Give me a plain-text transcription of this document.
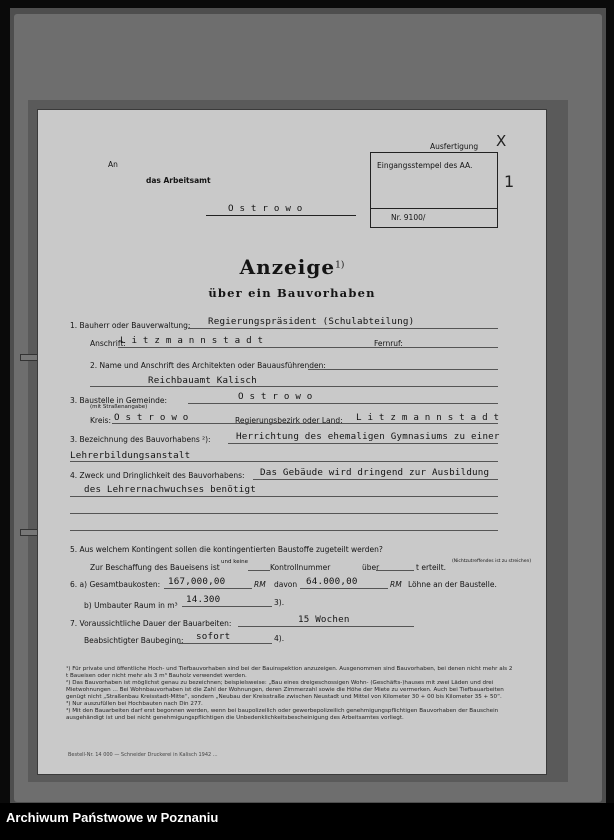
Ausfertigung X
1
An
das Arbeitsamt
O s t r o w o
Eingangsstempel des AA.
Nr. 9100/
Anzeige$^{1)}$
über ein Bauvorhaben
1. Bauherr oder Bauverwaltung: Regierungspräsident (Schulabteilung)
Anschrift:
L i t z m a n n s t a d t	Fernruf:
2. Name und Anschrift des Architekten oder Bauausführenden:
Reichbauamt Kalisch
3. Baustelle in Gemeinde:
(mit Straßenangabe)
O s t r o w o
Kreis: O s t r o w o	Regierungsbezirk oder Land: L i t z m a n n s t a d t
3. Bezeichnung des Bauvorhabens ²):	Herrichtung des ehemaligen Gymnasiums zu einer
Lehrerbildungsanstalt
4. Zweck und Dringlichkeit des Bauvorhabens: Das Gebäude wird dringend zur Ausbildung
des Lehrernachwuchses benötigt
5. Aus welchem Kontingent sollen die kontingentierten Baustoffe zugeteilt werden?
Zur Beschaffung des Baueisens ist
und keine
Kontrollnummer	über	t erteilt.
(Nichtzutreffendes ist zu streichen)
6. a) Gesamtbaukosten: 167,000,00	RM davon 64.000,00	RM Löhne an der Baustelle.
b) Umbauter Raum in m³
14.300	3).
7. Voraussichtliche Dauer der Bauarbeiten:	15 Wochen
Beabsichtigter Baubeginn: sofort	4).
¹) Für private und öffentliche Hoch- und Tiefbauvorhaben sind bei der Bauinspektion anzuzeigen. Ausgenommen sind Bauvorhaben, bei denen nicht mehr als 2 t Baueisen oder nicht mehr als 3 m³ Bauholz verwendet werden.
²) Das Bauvorhaben ist möglichst genau zu bezeichnen; beispielsweise: „Bau eines dreigeschossigen Wohn- (Geschäfts-)hauses mit zwei Läden und drei Mietwohnungen ... Bei Wohnbauvorhaben ist die Zahl der Wohnungen, deren Zimmerzahl sowie die Höhe der Miete zu vermerken. Auch bei Tiefbauarbeiten genügt nicht „Straßenbau Kreisstadt-Mitte“, sondern „Neubau der Kreisstraße zwischen Neustadt und Mittel von Kilometer 30 + 00 bis Kilometer 35 + 50“.
³) Nur auszufüllen bei Hochbauten nach Din 277.
⁴) Mit den Bauarbeiten darf erst begonnen werden, wenn bei baupolizeilich oder gewerbepolizeilich genehmigungspflichtigen Bauvorhaben der Bauschein ausgehändigt ist und bei nicht genehmigungspflichtigen die Unbedenklichkeitsbescheinigung des Arbeitsamtes vorliegt.
Bestell-Nr. 14 000 — Schneider Druckerei in Kalisch 1942 ...
Archiwum Państwowe w Poznaniu
